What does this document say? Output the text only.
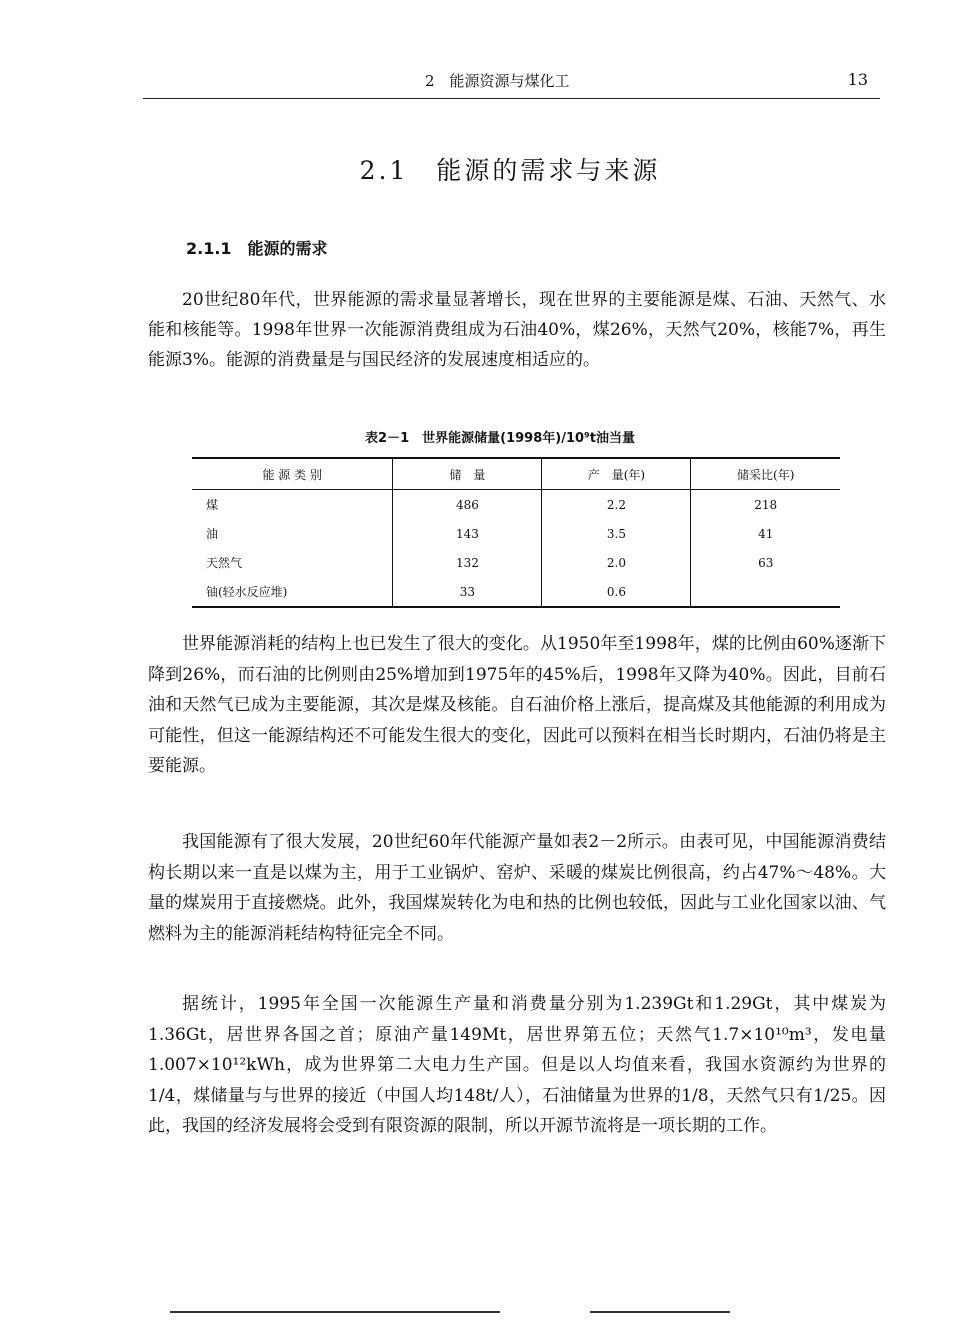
2　能源资源与煤化工	13
2.1　能源的需求与来源
2.1.1　能源的需求

20世纪80年代，世界能源的需求量显著增长，现在世界的主要能源是煤、石油、天然气、水能和核能等。1998年世界一次能源消费组成为石油40%，煤26%，天然气20%，核能7%，再生能源3%。能源的消费量是与国民经济的发展速度相适应的。

表2－1　世界能源储量(1998年)/10⁹t油当量
能 源 类 别	储　量	产　量(年)	储采比(年)
煤	486	2.2	218
油	143	3.5	41
天然气	132	2.0	63
铀(轻水反应堆)	33	0.6	

世界能源消耗的结构上也已发生了很大的变化。从1950年至1998年，煤的比例由60%逐渐下降到26%，而石油的比例则由25%增加到1975年的45%后，1998年又降为40%。因此，目前石油和天然气已成为主要能源，其次是煤及核能。自石油价格上涨后，提高煤及其他能源的利用成为可能性，但这一能源结构还不可能发生很大的变化，因此可以预料在相当长时期内，石油仍将是主要能源。

我国能源有了很大发展，20世纪60年代能源产量如表2－2所示。由表可见，中国能源消费结构长期以来一直是以煤为主，用于工业锅炉、窑炉、采暖的煤炭比例很高，约占47%～48%。大量的煤炭用于直接燃烧。此外，我国煤炭转化为电和热的比例也较低，因此与工业化国家以油、气燃料为主的能源消耗结构特征完全不同。

据统计，1995年全国一次能源生产量和消费量分别为1.239Gt和1.29Gt，其中煤炭为1.36Gt，居世界各国之首；原油产量149Mt，居世界第五位；天然气1.7×10¹⁰m³，发电量1.007×10¹²kWh，成为世界第二大电力生产国。但是以人均值来看，我国水资源约为世界的1/4，煤储量与与世界的接近（中国人均148t/人），石油储量为世界的1/8，天然气只有1/25。因此，我国的经济发展将会受到有限资源的限制，所以开源节流将是一项长期的工作。
